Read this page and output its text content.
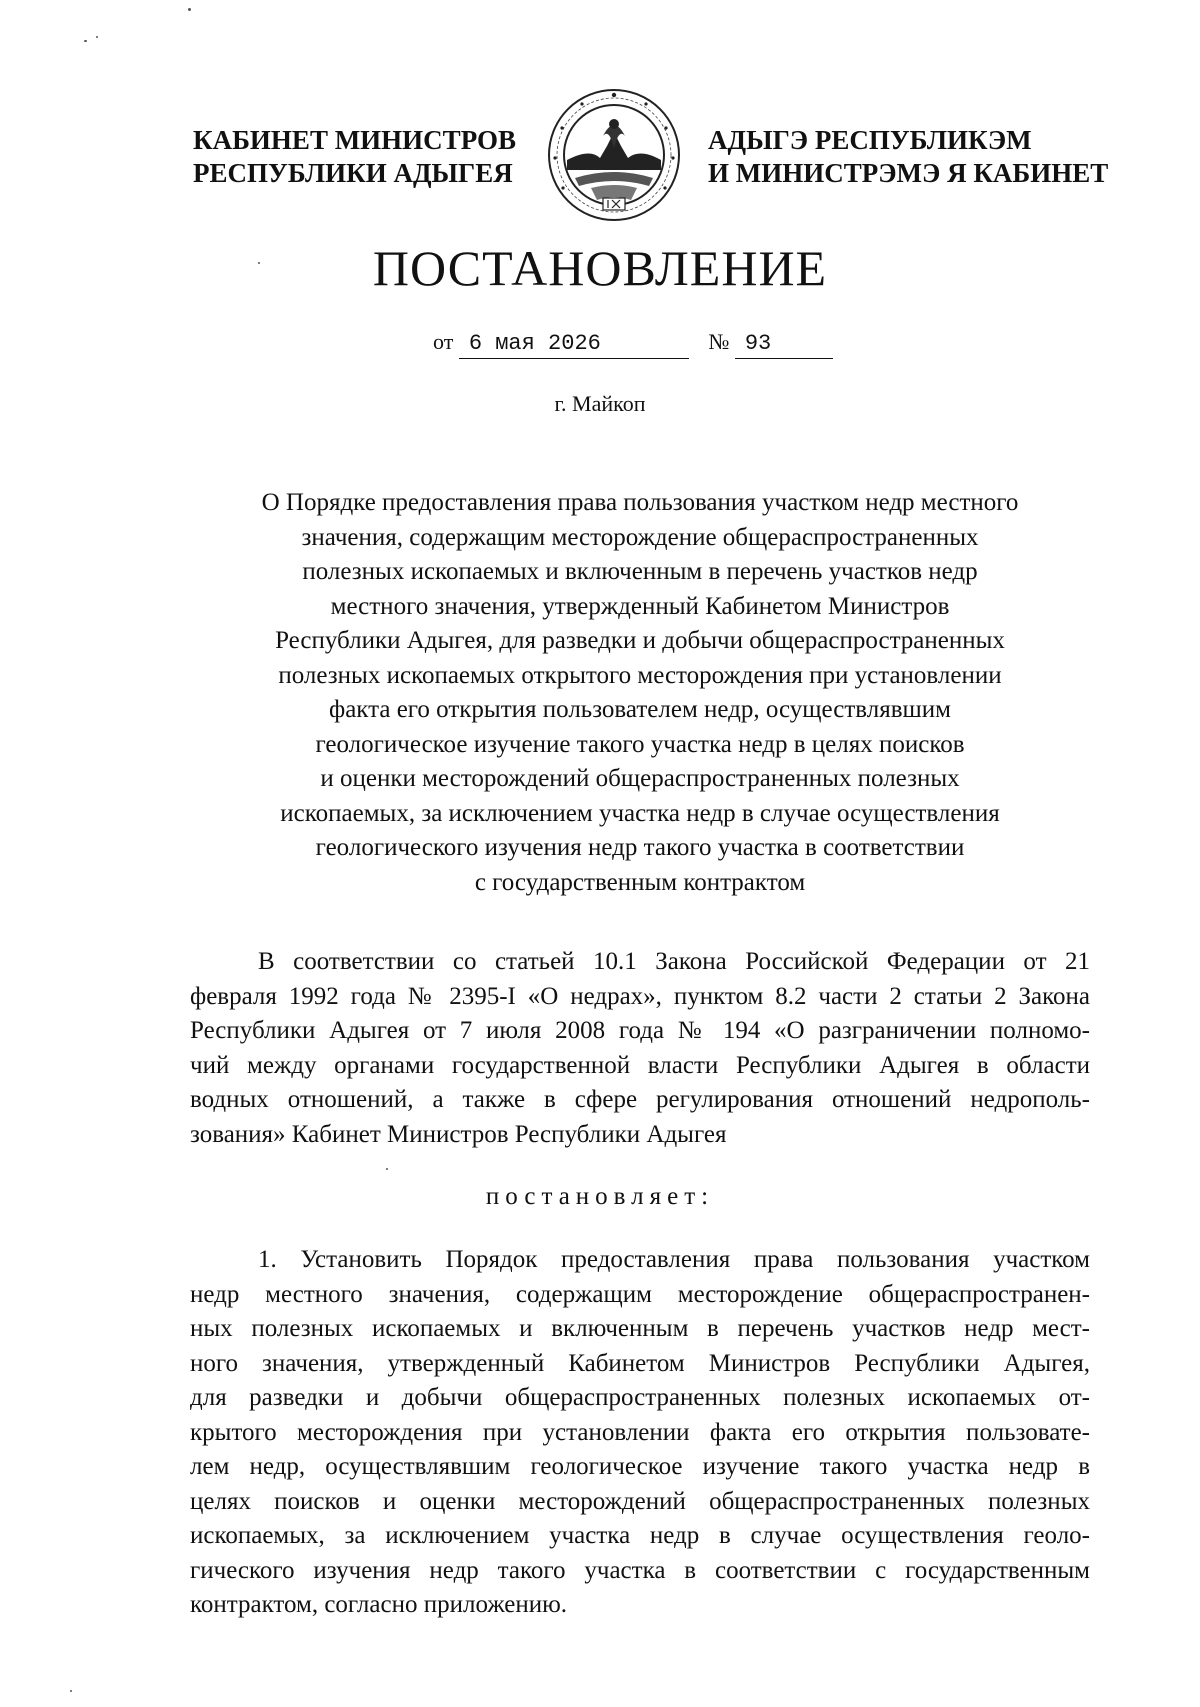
КАБИНЕТ МИНИСТРОВ
РЕСПУБЛИКИ АДЫГЕЯ
АДЫГЭ РЕСПУБЛИКЭМ
И МИНИСТРЭМЭ Я КАБИНЕТ
ПОСТАНОВЛЕНИЕ
от 6 мая 2026	№ 93
г. Майкоп
О Порядке предоставления права пользования участком недр местного
значения, содержащим месторождение общераспространенных
полезных ископаемых и включенным в перечень участков недр
местного значения, утвержденный Кабинетом Министров
Республики Адыгея, для разведки и добычи общераспространенных
полезных ископаемых открытого месторождения при установлении
факта его открытия пользователем недр, осуществлявшим
геологическое изучение такого участка недр в целях поисков
и оценки месторождений общераспространенных полезных
ископаемых, за исключением участка недр в случае осуществления
геологического изучения недр такого участка в соответствии
с государственным контрактом
В соответствии со статьей 10.1 Закона Российской Федерации от 21
февраля 1992 года № 2395-I «О недрах», пунктом 8.2 части 2 статьи 2 Закона
Республики Адыгея от 7 июля 2008 года № 194 «О разграничении полномо-
чий между органами государственной власти Республики Адыгея в области
водных отношений, а также в сфере регулирования отношений недрополь-
зования» Кабинет Министров Республики Адыгея
постановляет:
1. Установить Порядок предоставления права пользования участком
недр местного значения, содержащим месторождение общераспространен-
ных полезных ископаемых и включенным в перечень участков недр мест-
ного значения, утвержденный Кабинетом Министров Республики Адыгея,
для разведки и добычи общераспространенных полезных ископаемых от-
крытого месторождения при установлении факта его открытия пользовате-
лем недр, осуществлявшим геологическое изучение такого участка недр в
целях поисков и оценки месторождений общераспространенных полезных
ископаемых, за исключением участка недр в случае осуществления геоло-
гического изучения недр такого участка в соответствии с государственным
контрактом, согласно приложению.
